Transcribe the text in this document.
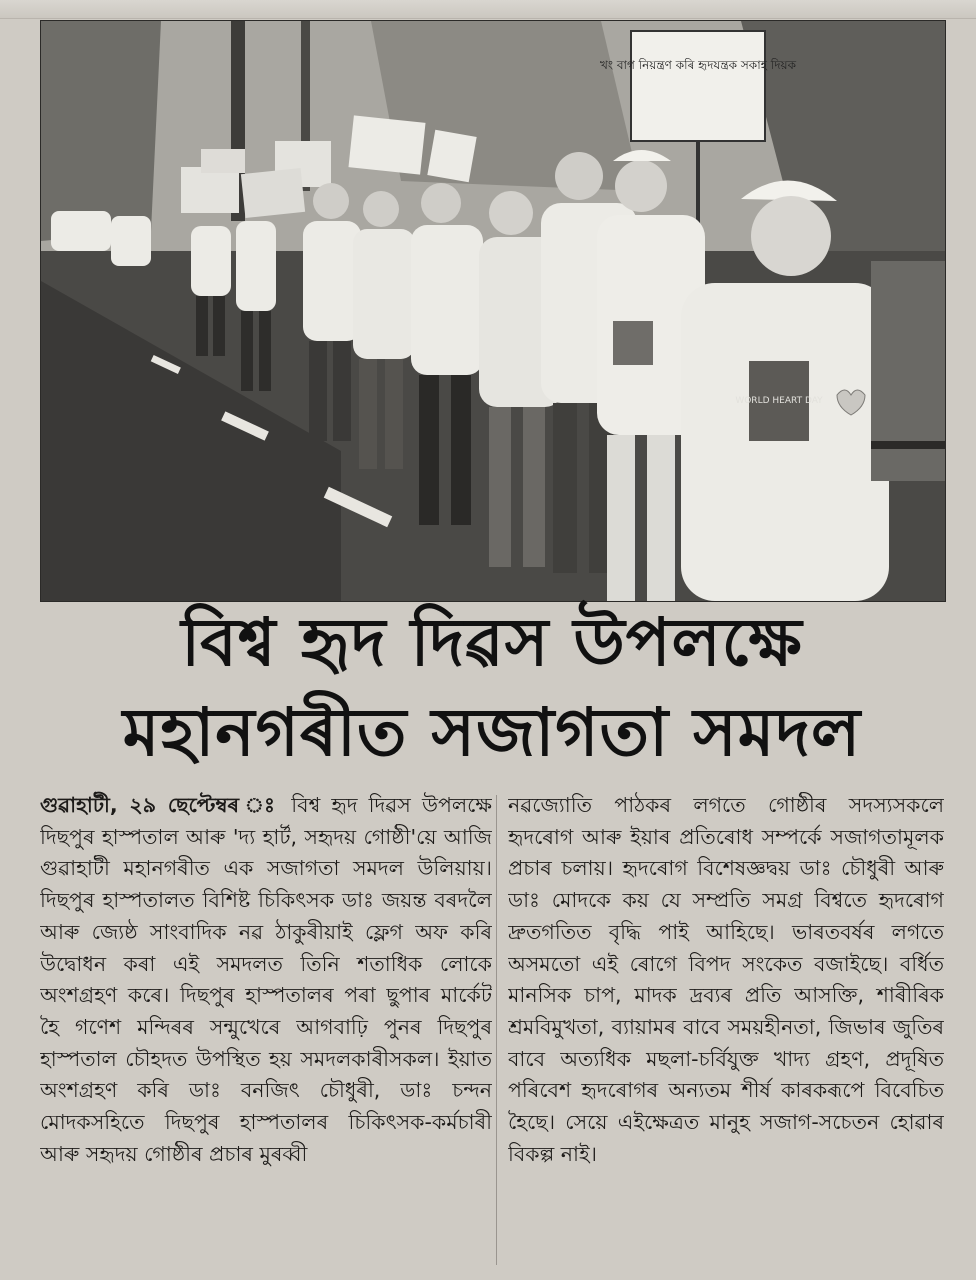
খং বাগ নিয়ন্ত্ৰণ কৰি হৃদযন্ত্ৰক সকাহ দিয়ক
WORLD HEART DAY
বিশ্ব হৃদ দিৱস উপলক্ষে
মহানগৰীত সজাগতা সমদল
গুৱাহাটী, ২৯ ছেপ্টেম্বৰ ঃ বিশ্ব হৃদ দিৱস উপলক্ষে দিছপুৰ হাস্পতাল আৰু 'দ্য হাৰ্ট, সহৃদয় গোষ্ঠী'য়ে আজি গুৱাহাটী মহানগৰীত এক সজাগতা সমদল উলিয়ায়। দিছপুৰ হাস্পতালত বিশিষ্ট চিকিৎসক ডাঃ জয়ন্ত বৰদলৈ আৰু জ্যেষ্ঠ সাংবাদিক নৱ ঠাকুৰীয়াই ফ্লেগ অফ কৰি উদ্বোধন কৰা এই সমদলত তিনি শতাধিক লোকে অংশগ্ৰহণ কৰে। দিছপুৰ হাস্পতালৰ পৰা ছুপাৰ মাৰ্কেট হৈ গণেশ মন্দিৰৰ সন্মুখেৰে আগবাঢ়ি পুনৰ দিছপুৰ হাস্পতাল চৌহদত উপস্থিত হয় সমদলকাৰীসকল। ইয়াত অংশগ্ৰহণ কৰি ডাঃ বনজিৎ চৌধুৰী, ডাঃ চন্দন মোদকসহিতে দিছপুৰ হাস্পতালৰ চিকিৎসক-কৰ্মচাৰী আৰু সহৃদয় গোষ্ঠীৰ প্ৰচাৰ মুৰব্বী
নৱজ্যোতি পাঠকৰ লগতে গোষ্ঠীৰ সদস্যসকলে হৃদৰোগ আৰু ইয়াৰ প্ৰতিৰোধ সম্পৰ্কে সজাগতামূলক প্ৰচাৰ চলায়। হৃদৰোগ বিশেষজ্ঞদ্বয় ডাঃ চৌধুৰী আৰু ডাঃ মোদকে কয় যে সম্প্ৰতি সমগ্ৰ বিশ্বতে হৃদৰোগ দ্ৰুতগতিত বৃদ্ধি পাই আহিছে। ভাৰতবৰ্ষৰ লগতে অসমতো এই ৰোগে বিপদ সংকেত বজাইছে। বৰ্ধিত মানসিক চাপ, মাদক দ্ৰব্যৰ প্ৰতি আসক্তি, শাৰীৰিক শ্ৰমবিমুখতা, ব্যায়ামৰ বাবে সময়হীনতা, জিভাৰ জুতিৰ বাবে অত্যধিক মছলা-চৰ্বিযুক্ত খাদ্য গ্ৰহণ, প্ৰদূষিত পৰিবেশ হৃদৰোগৰ অন্যতম শীৰ্ষ কাৰকৰূপে বিবেচিত হৈছে। সেয়ে এইক্ষেত্ৰত মানুহ সজাগ-সচেতন হোৱাৰ বিকল্প নাই।
